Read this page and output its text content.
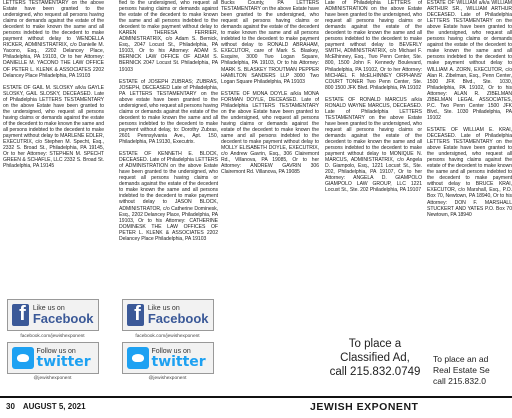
LETTERS TESTAMENTARY on the above Estate have been granted to the undersigned, who request all persons having claims or demands against the estate of the decedent to make known the same and all persons indebted to the decedent to make payment without delay to WENDELLA RICKER, ADMINISTRATRIX, c/o Danielle M. Yacono, Esq., 2202 Delancey Place, Philadelphia, PA 19103, Or to her Attorney: DANIELLE M. YACONO THE LAW OFFICE OF PETER L. KLENK & ASSOCIATES 2202 Delancey Place Philadelphia, PA 19103

ESTATE OF GAIL M. SLOSKY a/k/a GAYLE SLOSKY, GAIL SLOSKY, DECEASED. Late of Philadelphia LETTERS TESTAMENTARY on the above Estate have been granted to the undersigned, who request all persons having claims or demands against the estate of the decedent to make known the same and all persons indebted to the decedent to make payment without delay to MARLENE EDLER, EXECUTRIX, c/o Stephen M. Specht, Esq., 2332 S. Broad St., Philadelphia, PA 19145, Or to her Attorney: STEPHEN M. SPECHT GREEN & SCHAFLE, LLC 2332 S. Broad St. Philadelphia, PA 19145

fied to the undersigned, who request all persons having claims or demands against the estate of the decedent to make known the same and all persons indebted to the decedent to make payment without delay to KAREN THERESA FERRIER, ADMINISTRATRIX, c/o Adam S. Bernick, Esq., 2047 Locust St., Philadelphia, PA 19103, Or to his Attorney: ADAM S. BERNICK LAW OFFICE OF ADAM S. BERNICK 2047 Locust St. Philadelphia, PA 19103

ESTATE of JOSEPH ZUBRAS; ZUBRAS, JOSEPH, DECEASED Late of Philadelphia, PA LETTERS TESTAMENTARY on the above estate have been granted to the undersigned, who request all persons having claims or demands against the estate of the decedent to make known the same and all persons indebted to the decedent to make payment without delay, to: Dorothy Zubras, 2601 Pennsylvania Ave., Apt. 150, Philadelphia, PA 19130, Executrix.

ESTATE OF KENNETH E. BLOCK, DECEASED. Late of Philadelphia LETTERS of ADMINISTRATION on the above Estate have been granted to the undersigned, who request all persons having claims or demands against the estate of the decedent to make known the same and all persons indebted to the decedent to make payment without delay to JASON BLOCK, ADMINISTRATOR, c/o Catherine Dominesk, Esq., 2202 Delancey Place, Philadelphia, PA 19103, Or to his Attorney: CATHERINE DOMINESK THE LAW OFFICES OF PETER L. KLENK & ASSOCIATES 2202 Delancey Place Philadelphia, PA 19103

Bucks County, PA LETTERS TESTAMENTARY on the above Estate have been granted to the undersigned, who request all persons having claims or demands against the estate of the decedent to make known the same and all persons indebted to the decedent to make payment without delay to RONALD ABRAHAM, EXECUTOR, care of Mark S. Blaskey, Esquire, 3000 Two Logan Square, Philadelphia, PA 19103, Or to his Attorney: MARK S. BLASKEY TROUTMAN PEPPER HAMILTON SANDERS LLP 3000 Two Logan Square Philadelphia, PA 19103

ESTATE OF MONA DOYLE a/k/a MONA FORMAN DOYLE, DECEASED. Late of Philadelphia LETTERS TESTAMENTARY on the above Estate have been granted to the undersigned, who request all persons having claims or demands against the estate of the decedent to make known the same and all persons indebted to the decedent to make payment without delay to MOLLY ELISABETH DOYLE, EXECUTRIX, c/o Andrew Gavrin, Esq., 306 Clairemont Rd., Villanova, PA 19085, Or to her Attorney: ANDREW GAVRIN 306 Clairemont Rd. Villanova, PA 19085

Late of Philadelphia LETTERS of ADMINISTRATION on the above Estate have been granted to the undersigned, who request all persons having claims or demands against the estate of the decedent to make known the same and all persons indebted to the decedent to make payment without delay to BEVERLY SMITH, ADMINISTRATRIX, c/o Michael F. McElhinney, Esq., Two Penn Center, Ste. 800, 1500 John F. Kennedy Boulevard, Philadelphia, PA 19102, Or to her Attorney: MICHAEL F. McELHINNEY ORPHANS' COURT TONER Two Penn Center, Ste. 800 1500 JFK Blvd. Philadelphia, PA 19102

ESTATE OF RONALD MARCUS a/k/a RONALD WAYNE MARCUS, DECEASED. Late of Philadelphia LETTERS TESTAMENTARY on the above Estate have been granted to the undersigned, who request all persons having claims or demands against the estate of the decedent to make known the same and all persons indebted to the decedent to make payment without delay to MONIQUE N. MARCUS, ADMINISTRATRIX, c/o Angela D. Giampolo, Esq., 1221 Locust St., Ste. 202, Philadelphia, PA 19107, Or to her Attorney: ANGELA D. GIAMPOLO GIAMPOLO LAW GROUP, LLC 1221 Locust St., Ste. 202 Philadelphia, PA 19107

ESTATE OF WILLIAM a/k/a WILLIAM ARTHUR SR., WILLIAM ARTHUR DECEASED. Late of Philadelphia LETTERS TESTAMENTARY on the above Estate have been granted to the undersigned, who request all persons having claims or demands against the estate of the decedent to make known the same and all persons indebted to the decedent to make payment without delay to WILLIAM A. ZORN, EXECUTOR, c/o Alan R. Zibelman, Esq., Penn Center, 1500 JFK Blvd., Ste. 1030, Philadelphia, PA 19102, Or to his Attorney: ALAN R. ZIBELMAN ZIBELMAN LEGAL ASSOCIATES, P.C. Two Penn Center 1500 JFK Blvd., Ste. 1030 Philadelphia, PA 19102

ESTATE OF WILLIAM E. KRAI, DECEASED. Late of Philadelphia LETTERS TESTAMENTARY on the above Estate have been granted to the undersigned, who request all persons having claims against the estate of the decedent to make known the same and all persons indebted to the decedent to make payment without delay to BRUCE KRAI, EXECUTOR, c/o Marshall, Esq., P.O. Box 70, Newtown, PA 18940, Or to his Attorney: DON F. MARSHALL STUCKERT AND YATES P.O. Box 70 Newtown, PA 18940

f	Like us on
Facebook
facebook.com/jewishexponent
Follow us on
twitter
@jewishexponent
f	Like us on
Facebook
facebook.com/jewishexponent
Follow us on
twitter
@jewishexponent
To place a
Classified Ad,
call 215.832.0749
To place an ad
Real Estate Se
call 215.832.0
30 AUGUST 5, 2021	JEWISH EXPONENT
